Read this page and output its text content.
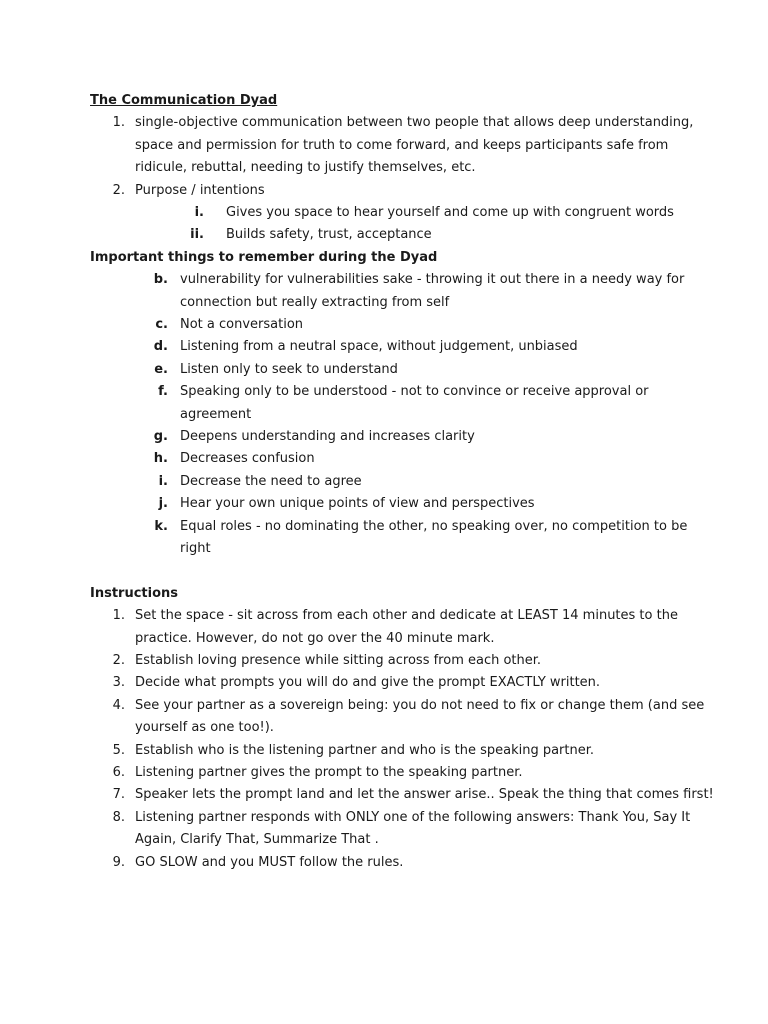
The Communication Dyad
1. single-objective communication between two people that allows deep understanding,
space and permission for truth to come forward, and keeps participants safe from
ridicule, rebuttal, needing to justify themselves, etc.
2. Purpose / intentions
i. Gives you space to hear yourself and come up with congruent words
ii. Builds safety, trust, acceptance
Important things to remember during the Dyad
b. vulnerability for vulnerabilities sake - throwing it out there in a needy way for
connection but really extracting from self
c. Not a conversation
d. Listening from a neutral space, without judgement, unbiased
e. Listen only to seek to understand
f. Speaking only to be understood - not to convince or receive approval or
agreement
g. Deepens understanding and increases clarity
h. Decreases confusion
i. Decrease the need to agree
j. Hear your own unique points of view and perspectives
k. Equal roles - no dominating the other, no speaking over, no competition to be
right
Instructions
1. Set the space - sit across from each other and dedicate at LEAST 14 minutes to the
practice. However, do not go over the 40 minute mark.
2. Establish loving presence while sitting across from each other.
3. Decide what prompts you will do and give the prompt EXACTLY written.
4. See your partner as a sovereign being: you do not need to fix or change them (and see
yourself as one too!).
5. Establish who is the listening partner and who is the speaking partner.
6. Listening partner gives the prompt to the speaking partner.
7. Speaker lets the prompt land and let the answer arise.. Speak the thing that comes first!
8. Listening partner responds with ONLY one of the following answers: Thank You, Say It
Again, Clarify That, Summarize That .
9. GO SLOW and you MUST follow the rules.
